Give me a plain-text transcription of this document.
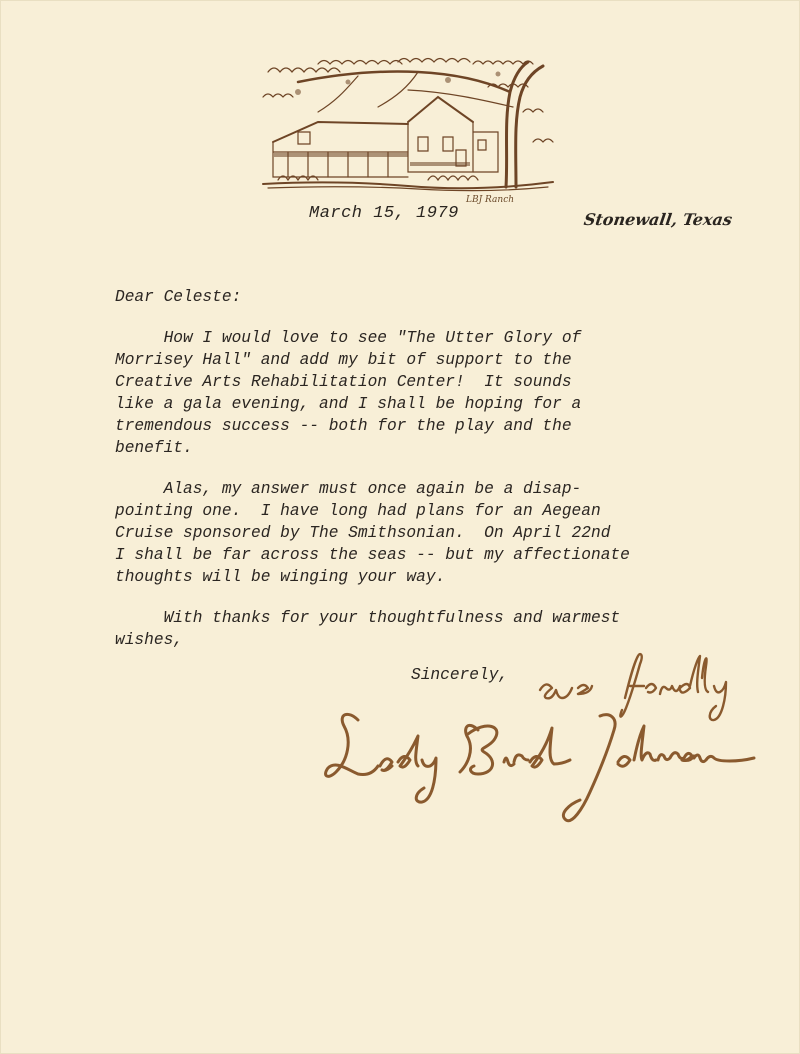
LBJ Ranch
March 15, 1979	Stonewall, Texas

Dear Celeste:

How I would love to see "The Utter Glory of

Morrisey Hall" and add my bit of support to the

Creative Arts Rehabilitation Center!  It sounds

like a gala evening, and I shall be hoping for a

tremendous success -- both for the play and the

benefit.

Alas, my answer must once again be a disap-

pointing one.  I have long had plans for an Aegean

Cruise sponsored by The Smithsonian.  On April 22nd

I shall be far across the seas -- but my affectionate

thoughts will be winging your way.

With thanks for your thoughtfulness and warmest

wishes,

Sincerely,
